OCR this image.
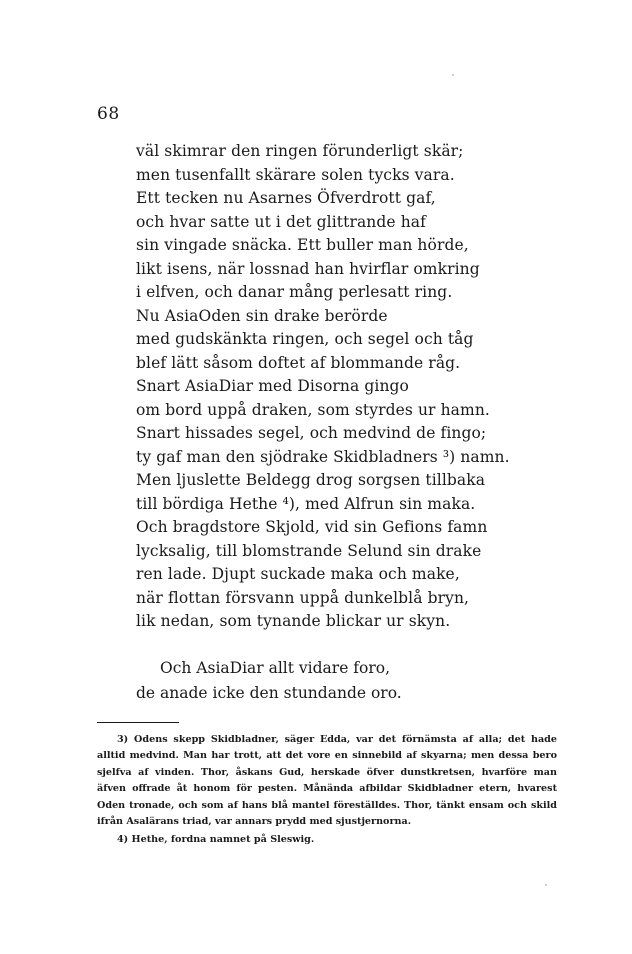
68
väl skimrar den ringen förunderligt skär;
men tusenfallt skärare solen tycks vara.
Ett tecken nu Asarnes Öfverdrott gaf,
och hvar satte ut i det glittrande haf
sin vingade snäcka. Ett buller man hörde,
likt isens, när lossnad han hvirflar omkring
i elfven, och danar mång perlesatt ring.
Nu AsiaOden sin drake berörde
med gudskänkta ringen, och segel och tåg
blef lätt såsom doftet af blommande råg.
Snart AsiaDiar med Disorna gingo
om bord uppå draken, som styrdes ur hamn.
Snart hissades segel, och medvind de fingo;
ty gaf man den sjödrake Skidbladners ³) namn.
Men ljuslette Beldegg drog sorgsen tillbaka
till bördiga Hethe ⁴), med Alfrun sin maka.
Och bragdstore Skjold, vid sin Gefions famn
lycksalig, till blomstrande Selund sin drake
ren lade. Djupt suckade maka och make,
när flottan försvann uppå dunkelblå bryn,
lik nedan, som tynande blickar ur skyn.
Och AsiaDiar allt vidare foro,
de anade icke den stundande oro.

3) Odens skepp Skidbladner, säger Edda, var det förnämsta af alla; det hade alltid medvind. Man har trott, att det vore en sinnebild af skyarna; men dessa bero sjelfva af vinden. Thor, åskans Gud, herskade öfver dunstkretsen, hvarföre man äfven offrade åt honom för pesten. Månända afbildar Skidbladner etern, hvarest Oden tronade, och som af hans blå mantel föreställdes. Thor, tänkt ensam och skild ifrån Asalärans triad, var annars prydd med sjustjernorna.

4) Hethe, fordna namnet på Sleswig.
